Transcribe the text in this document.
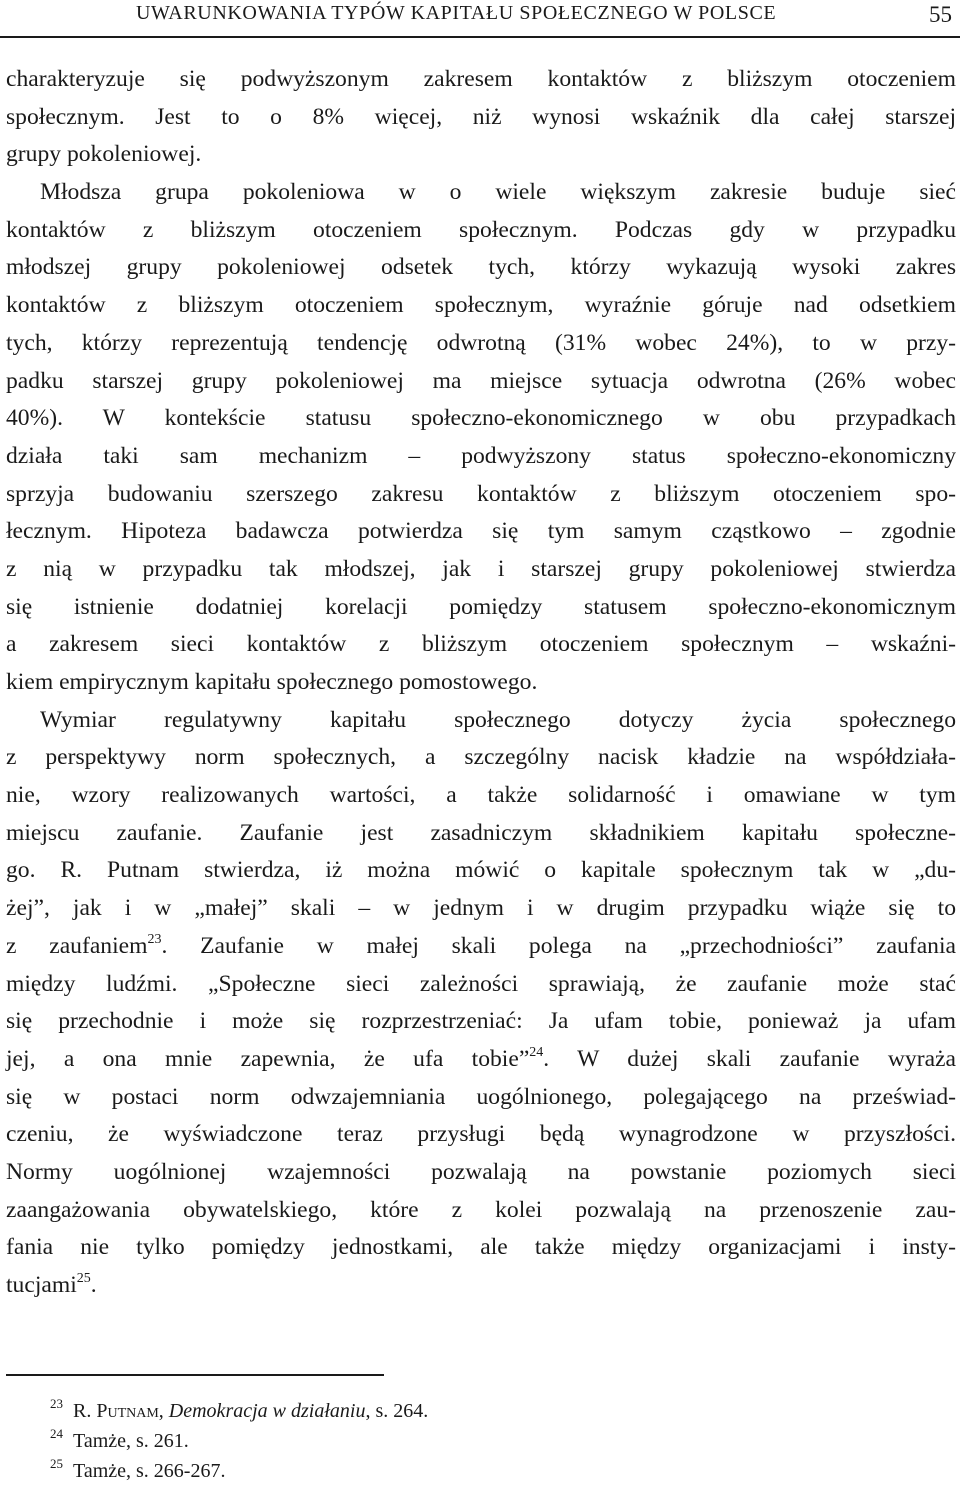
UWARUNKOWANIA TYPÓW KAPITAŁU SPOŁECZNEGO W POLSCE	55
charakteryzuje się podwyższonym zakresem kontaktów z bliższym otoczeniem
społecznym. Jest to o 8% więcej, niż wynosi wskaźnik dla całej starszej
grupy pokoleniowej.
Młodsza grupa pokoleniowa w o wiele większym zakresie buduje sieć
kontaktów z bliższym otoczeniem społecznym. Podczas gdy w przypadku
młodszej grupy pokoleniowej odsetek tych, którzy wykazują wysoki zakres
kontaktów z bliższym otoczeniem społecznym, wyraźnie góruje nad odsetkiem
tych, którzy reprezentują tendencję odwrotną (31% wobec 24%), to w przy-
padku starszej grupy pokoleniowej ma miejsce sytuacja odwrotna (26% wobec
40%). W kontekście statusu społeczno-ekonomicznego w obu przypadkach
działa taki sam mechanizm – podwyższony status społeczno-ekonomiczny
sprzyja budowaniu szerszego zakresu kontaktów z bliższym otoczeniem spo-
łecznym. Hipoteza badawcza potwierdza się tym samym cząstkowo – zgodnie
z nią w przypadku tak młodszej, jak i starszej grupy pokoleniowej stwierdza
się istnienie dodatniej korelacji pomiędzy statusem społeczno-ekonomicznym
a zakresem sieci kontaktów z bliższym otoczeniem społecznym – wskaźni-
kiem empirycznym kapitału społecznego pomostowego.
Wymiar regulatywny kapitału społecznego dotyczy życia społecznego
z perspektywy norm społecznych, a szczególny nacisk kładzie na współdziała-
nie, wzory realizowanych wartości, a także solidarność i omawiane w tym
miejscu zaufanie. Zaufanie jest zasadniczym składnikiem kapitału społeczne-
go. R. Putnam stwierdza, iż można mówić o kapitale społecznym tak w „du-
żej”, jak i w „małej” skali – w jednym i w drugim przypadku wiąże się to
z zaufaniem$^{23}$. Zaufanie w małej skali polega na „przechodniości” zaufania
między ludźmi. „Społeczne sieci zależności sprawiają, że zaufanie może stać
się przechodnie i może się rozprzestrzeniać: Ja ufam tobie, ponieważ ja ufam
jej, a ona mnie zapewnia, że ufa tobie”$^{24}$. W dużej skali zaufanie wyraża
się w postaci norm odwzajemniania uogólnionego, polegającego na przeświad-
czeniu, że wyświadczone teraz przysługi będą wynagrodzone w przyszłości.
Normy uogólnionej wzajemności pozwalają na powstanie poziomych sieci
zaangażowania obywatelskiego, które z kolei pozwalają na przenoszenie zau-
fania nie tylko pomiędzy jednostkami, ale także między organizacjami i insty-
tucjami$^{25}$.
$^{23}$ R. Putnam, Demokracja w działaniu, s. 264.
$^{24}$ Tamże, s. 261.
$^{25}$ Tamże, s. 266-267.
